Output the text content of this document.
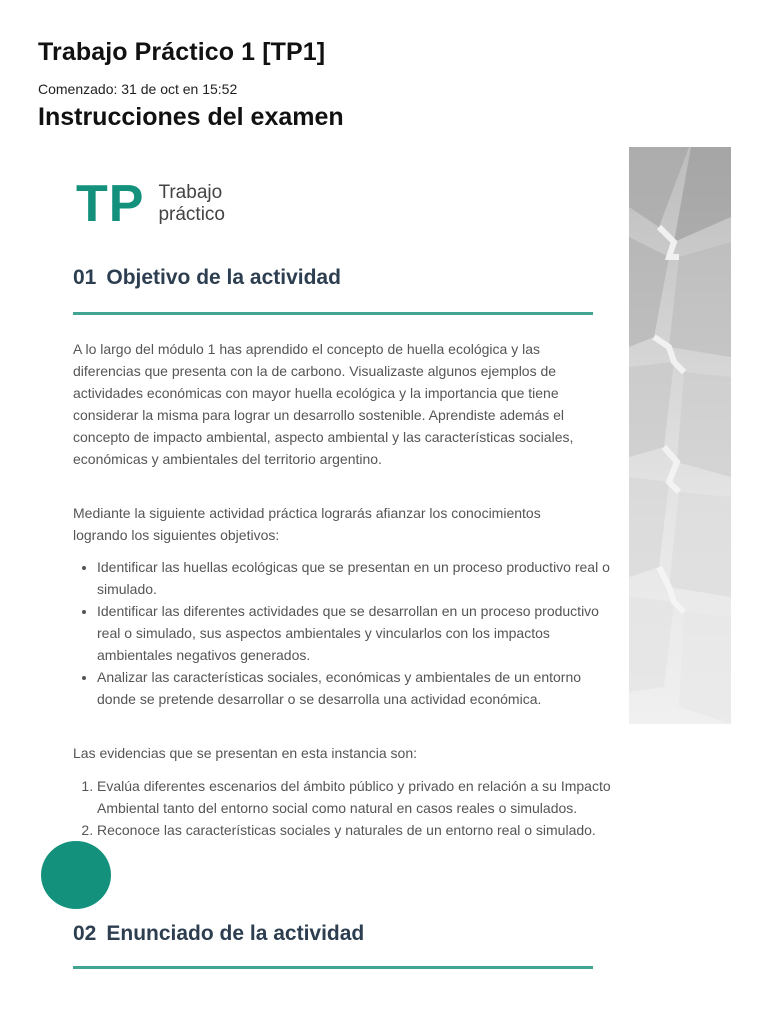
Trabajo Práctico 1 [TP1]
Comenzado: 31 de oct en 15:52
Instrucciones del examen
TP Trabajo
práctico
01 Objetivo de la actividad

A lo largo del módulo 1 has aprendido el concepto de huella ecológica y las diferencias que presenta con la de carbono. Visualizaste algunos ejemplos de actividades económicas con mayor huella ecológica y la importancia que tiene considerar la misma para lograr un desarrollo sostenible. Aprendiste además el concepto de impacto ambiental, aspecto ambiental y las características sociales, económicas y ambientales del territorio argentino.

Mediante la siguiente actividad práctica lograrás afianzar los conocimientos logrando los siguientes objetivos:

• Identificar las huellas ecológicas que se presentan en un proceso productivo real o simulado.
• Identificar las diferentes actividades que se desarrollan en un proceso productivo real o simulado, sus aspectos ambientales y vincularlos con los impactos ambientales negativos generados.
• Analizar las características sociales, económicas y ambientales de un entorno donde se pretende desarrollar o se desarrolla una actividad económica.

Las evidencias que se presentan en esta instancia son:

1. Evalúa diferentes escenarios del ámbito público y privado en relación a su Impacto Ambiental tanto del entorno social como natural en casos reales o simulados.
2. Reconoce las características sociales y naturales de un entorno real o simulado.
02 Enunciado de la actividad
